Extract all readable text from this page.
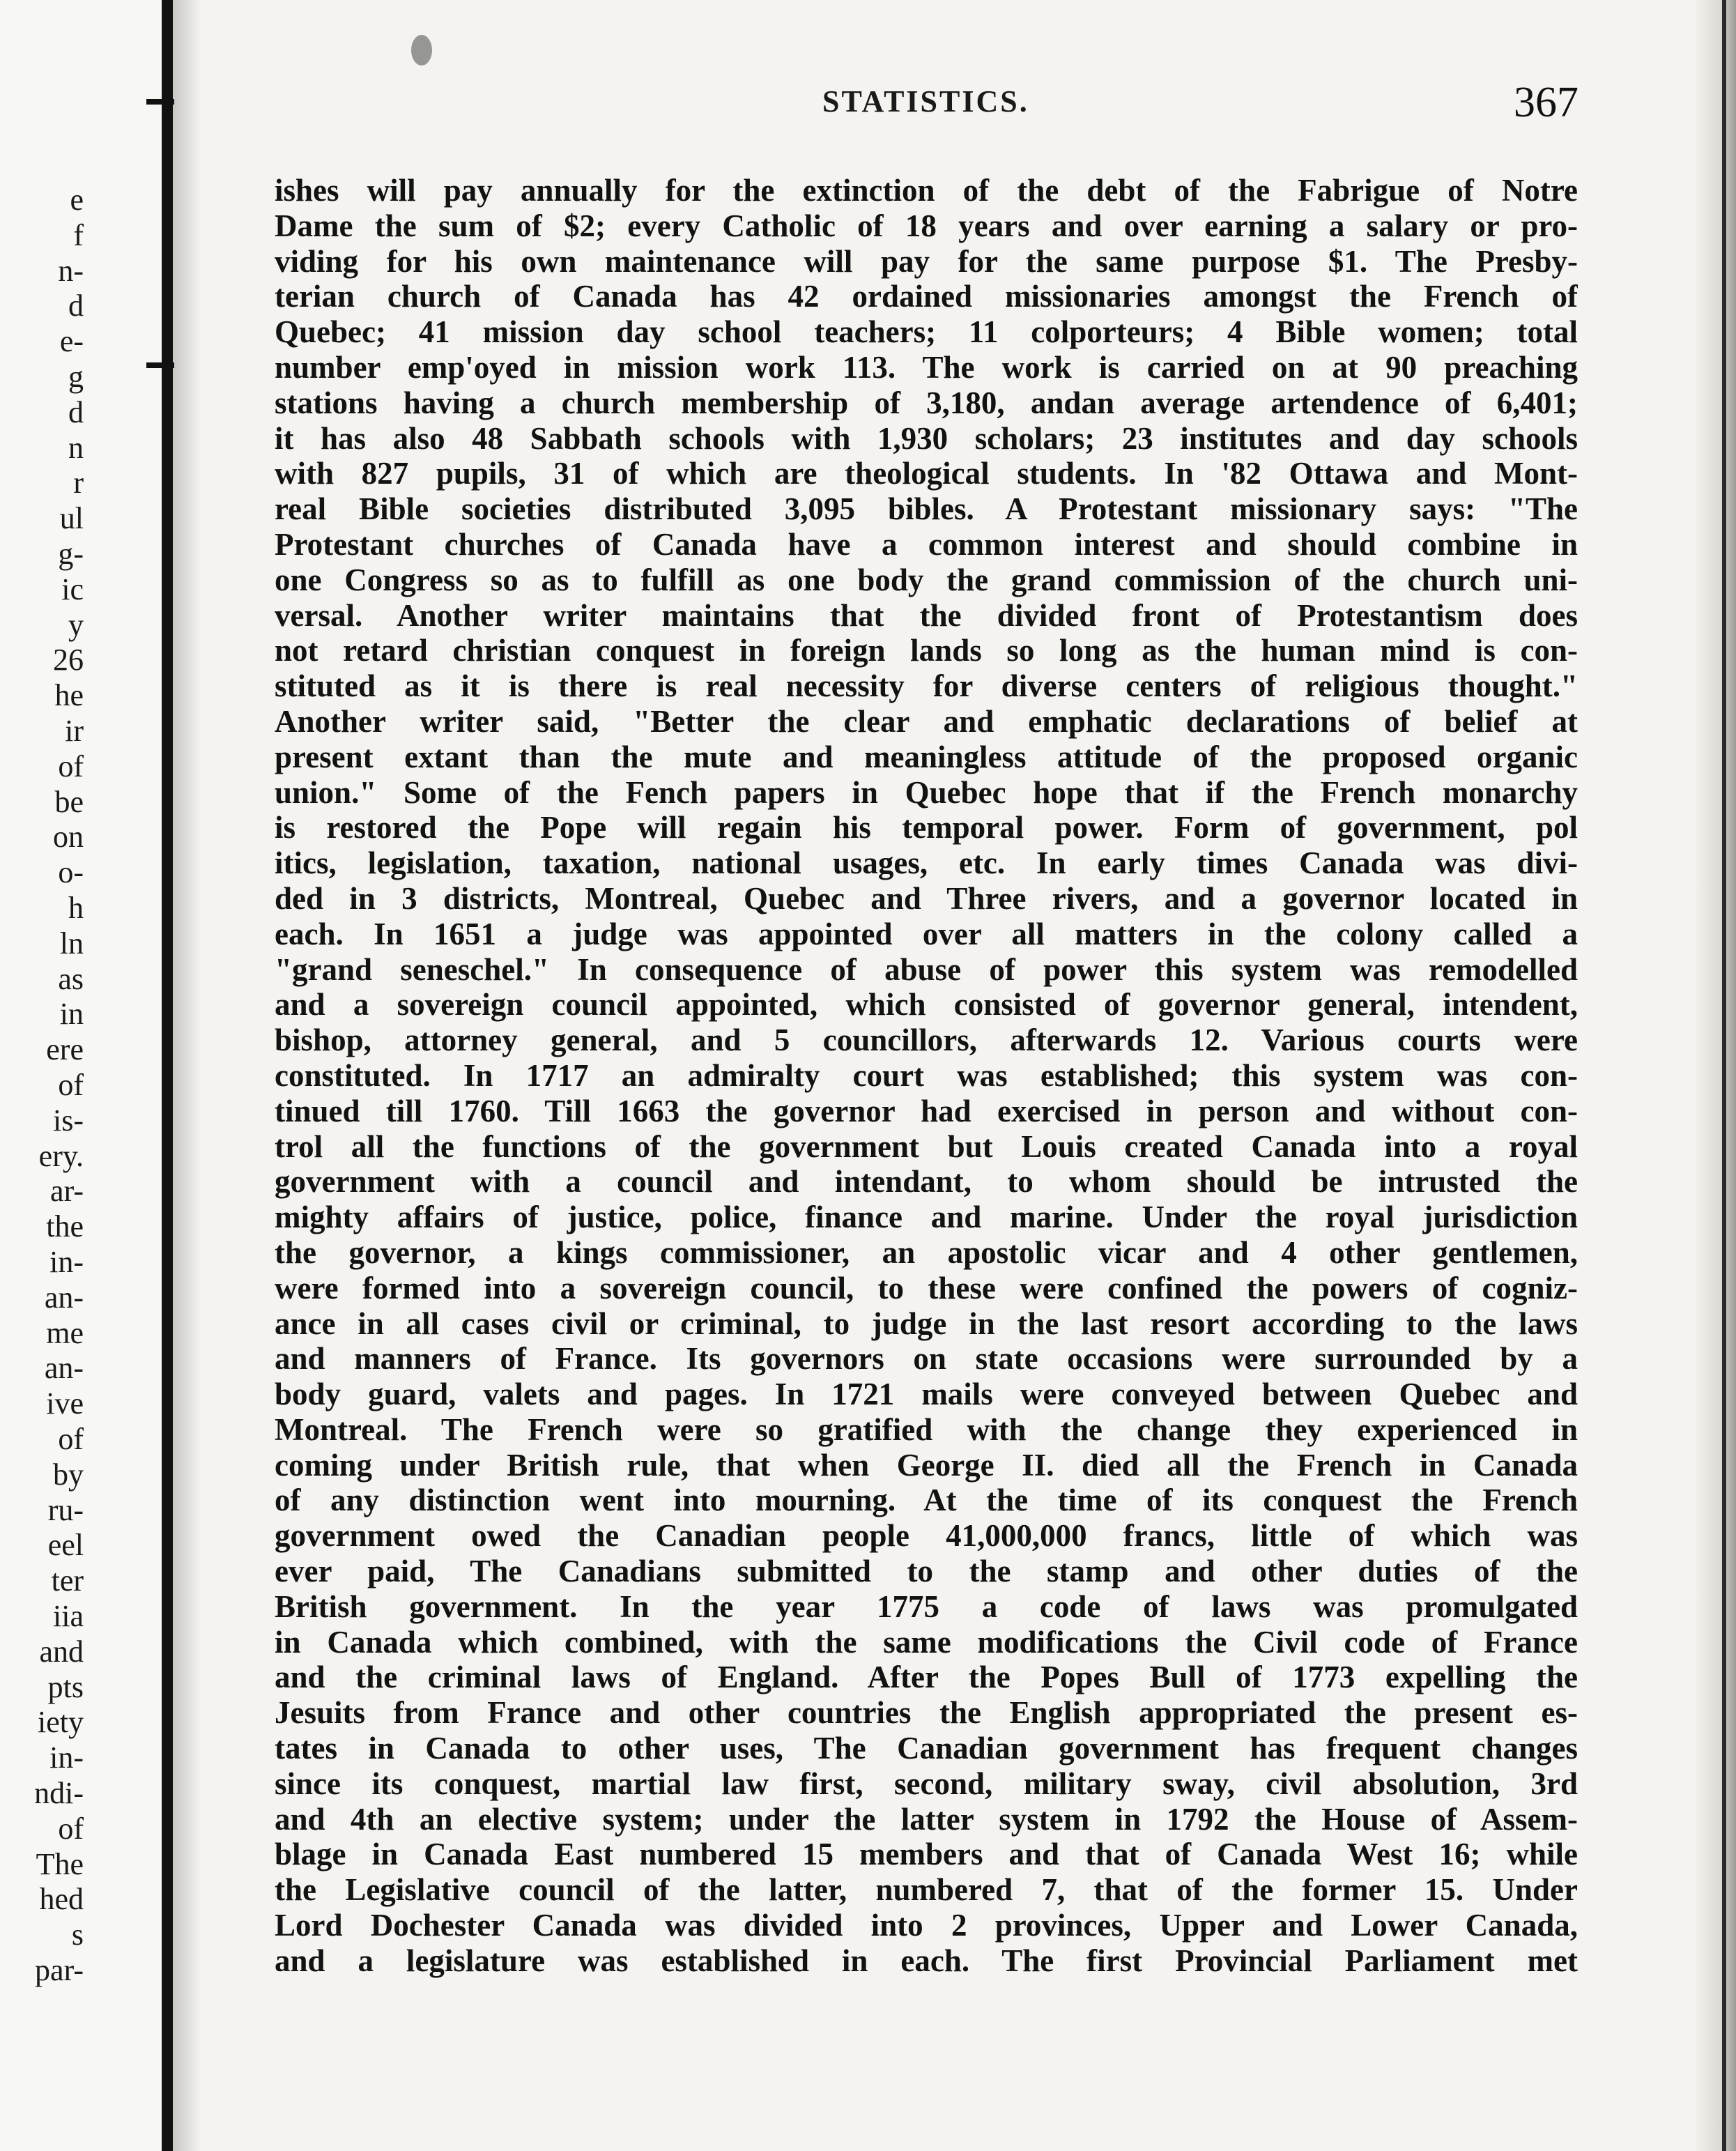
e
f
n-
d
e-
g
d
n
r
ul
g-
ic
y
26
he
ir
of
be
on
o-
h
ln
as
in
ere
of
is-
ery.
ar-
the
in-
an-
me
an-
ive
of
by
ru-
eel
ter
iia
and
pts
iety
in-
ndi-
of
The
hed
s
par-
STATISTICS.	367
ishes will pay annually for the extinction of the debt of the Fabrigue of Notre
Dame the sum of $2; every Catholic of 18 years and over earning a salary or pro-
viding for his own maintenance will pay for the same purpose $1. The Presby-
terian church of Canada has 42 ordained missionaries amongst the French of
Quebec; 41 mission day school teachers; 11 colporteurs; 4 Bible women; total
number emp'oyed in mission work 113. The work is carried on at 90 preaching
stations having a church membership of 3,180, andan average artendence of 6,401;
it has also 48 Sabbath schools with 1,930 scholars; 23 institutes and day schools
with 827 pupils, 31 of which are theological students. In '82 Ottawa and Mont-
real Bible societies distributed 3,095 bibles. A Protestant missionary says: "The
Protestant churches of Canada have a common interest and should combine in
one Congress so as to fulfill as one body the grand commission of the church uni-
versal. Another writer maintains that the divided front of Protestantism does
not retard christian conquest in foreign lands so long as the human mind is con-
stituted as it is there is real necessity for diverse centers of religious thought."
Another writer said, "Better the clear and emphatic declarations of belief at
present extant than the mute and meaningless attitude of the proposed organic
union." Some of the Fench papers in Quebec hope that if the French monarchy
is restored the Pope will regain his temporal power. Form of government, pol
itics, legislation, taxation, national usages, etc. In early times Canada was divi-
ded in 3 districts, Montreal, Quebec and Three rivers, and a governor located in
each. In 1651 a judge was appointed over all matters in the colony called a
"grand seneschel." In consequence of abuse of power this system was remodelled
and a sovereign council appointed, which consisted of governor general, intendent,
bishop, attorney general, and 5 councillors, afterwards 12. Various courts were
constituted. In 1717 an admiralty court was established; this system was con-
tinued till 1760. Till 1663 the governor had exercised in person and without con-
trol all the functions of the government but Louis created Canada into a royal
government with a council and intendant, to whom should be intrusted the
mighty affairs of justice, police, finance and marine. Under the royal jurisdiction
the governor, a kings commissioner, an apostolic vicar and 4 other gentlemen,
were formed into a sovereign council, to these were confined the powers of cogniz-
ance in all cases civil or criminal, to judge in the last resort according to the laws
and manners of France. Its governors on state occasions were surrounded by a
body guard, valets and pages. In 1721 mails were conveyed between Quebec and
Montreal. The French were so gratified with the change they experienced in
coming under British rule, that when George II. died all the French in Canada
of any distinction went into mourning. At the time of its conquest the French
government owed the Canadian people 41,000,000 francs, little of which was
ever paid, The Canadians submitted to the stamp and other duties of the
British government. In the year 1775 a code of laws was promulgated
in Canada which combined, with the same modifications the Civil code of France
and the criminal laws of England. After the Popes Bull of 1773 expelling the
Jesuits from France and other countries the English appropriated the present es-
tates in Canada to other uses, The Canadian government has frequent changes
since its conquest, martial law first, second, military sway, civil absolution, 3rd
and 4th an elective system; under the latter system in 1792 the House of Assem-
blage in Canada East numbered 15 members and that of Canada West 16; while
the Legislative council of the latter, numbered 7, that of the former 15. Under
Lord Dochester Canada was divided into 2 provinces, Upper and Lower Canada,
and a legislature was established in each. The first Provincial Parliament met
